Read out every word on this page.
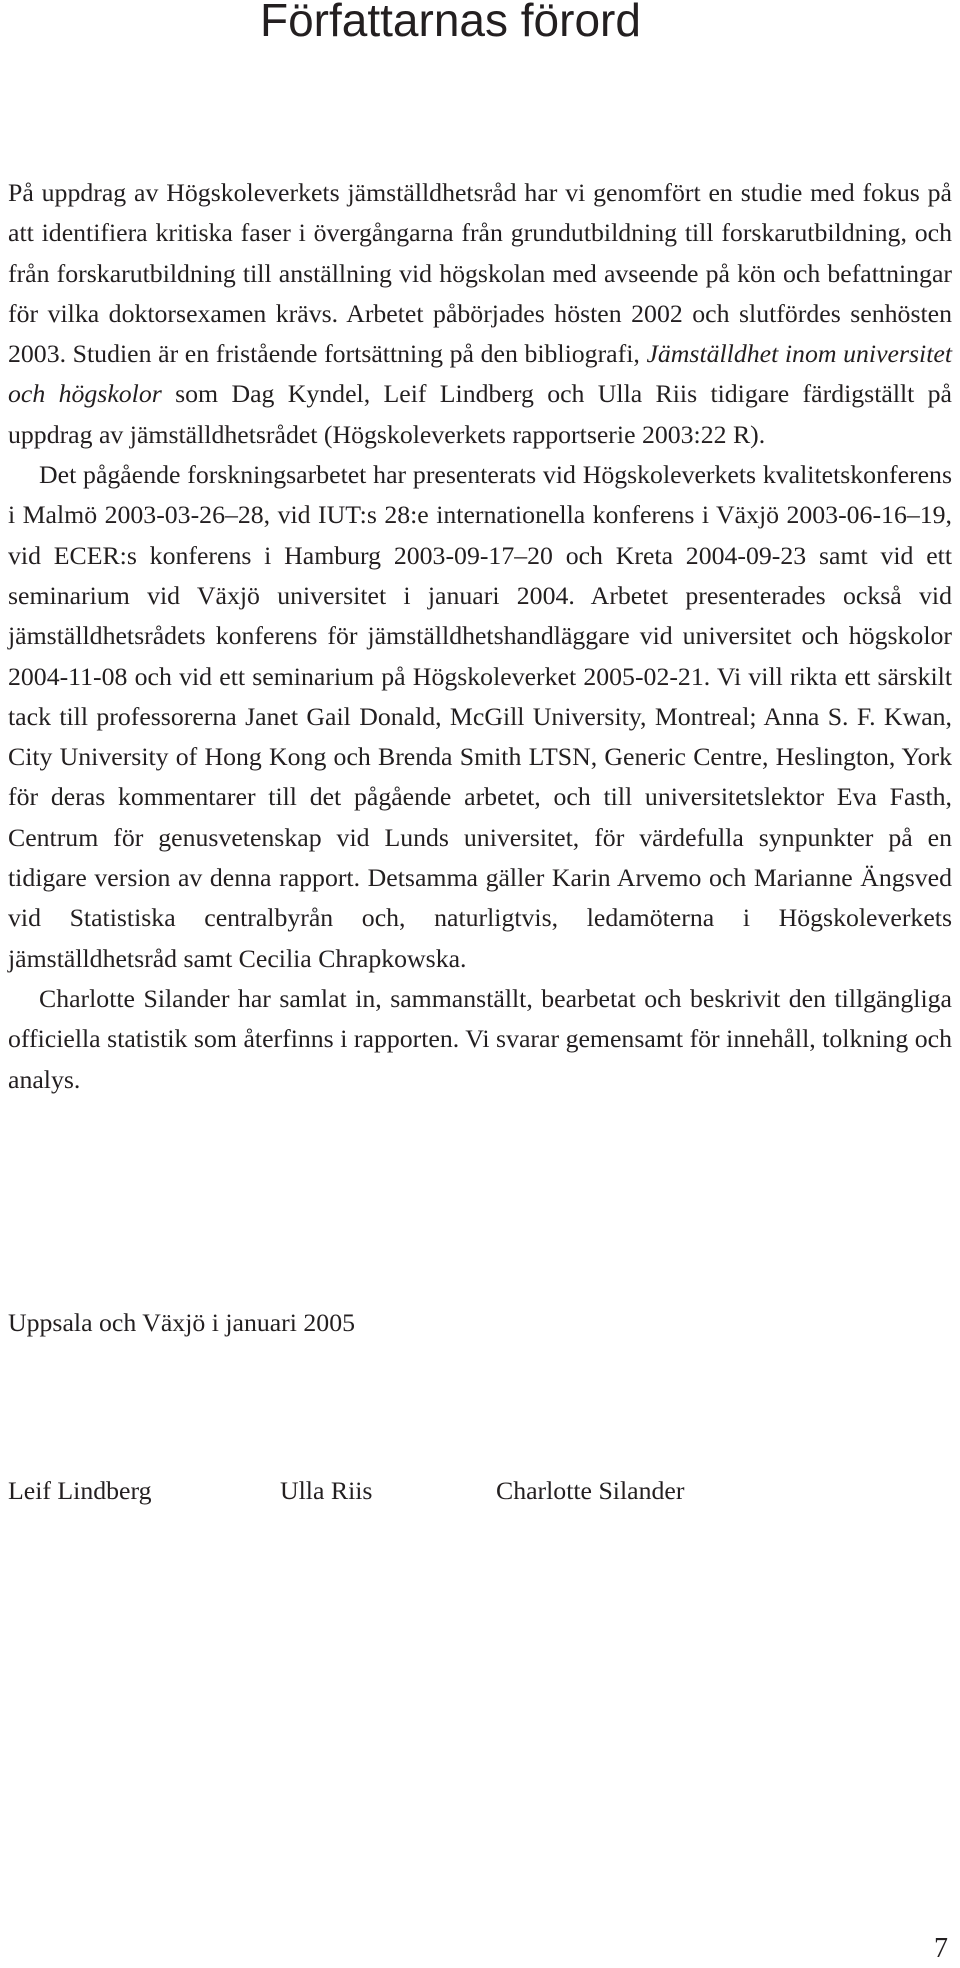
Författarnas förord

På uppdrag av Högskoleverkets jämställdhetsråd har vi genomfört en studie med fokus på att identifiera kritiska faser i övergångarna från grundutbildning till forskarutbildning, och från forskarutbildning till anställning vid högskolan med avseende på kön och befattningar för vilka doktorsexamen krävs. Arbetet påbörjades hösten 2002 och slutfördes senhösten 2003. Studien är en fristående fortsättning på den bibliografi, Jämställdhet inom universitet och högskolor som Dag Kyndel, Leif Lindberg och Ulla Riis tidigare färdigställt på uppdrag av jämställdhetsrådet (Högskoleverkets rapportserie 2003:22 R).

Det pågående forskningsarbetet har presenterats vid Högskoleverkets kvalitetskonferens i Malmö 2003-03-26–28, vid IUT:s 28:e internationella konferens i Växjö 2003-06-16–19, vid ECER:s konferens i Hamburg 2003-09-17–20 och Kreta 2004-09-23 samt vid ett seminarium vid Växjö universitet i januari 2004. Arbetet presenterades också vid jämställdhetsrådets konferens för jämställdhetshandläggare vid universitet och högskolor 2004-11-08 och vid ett seminarium på Högskoleverket 2005-02-21. Vi vill rikta ett särskilt tack till professorerna Janet Gail Donald, McGill University, Montreal; Anna S. F. Kwan, City University of Hong Kong och Brenda Smith LTSN, Generic Centre, Heslington, York för deras kommentarer till det pågående arbetet, och till universitetslektor Eva Fasth, Centrum för genusvetenskap vid Lunds universitet, för värdefulla synpunkter på en tidigare version av denna rapport. Detsamma gäller Karin Arvemo och Marianne Ängsved vid Statistiska centralbyrån och, naturligtvis, ledamöterna i Högskoleverkets jämställdhetsråd samt Cecilia Chrapkowska.

Charlotte Silander har samlat in, sammanställt, bearbetat och beskrivit den tillgängliga officiella statistik som återfinns i rapporten. Vi svarar gemensamt för innehåll, tolkning och analys.

Uppsala och Växjö i januari 2005

Leif Lindberg	Ulla Riis	Charlotte Silander

7
